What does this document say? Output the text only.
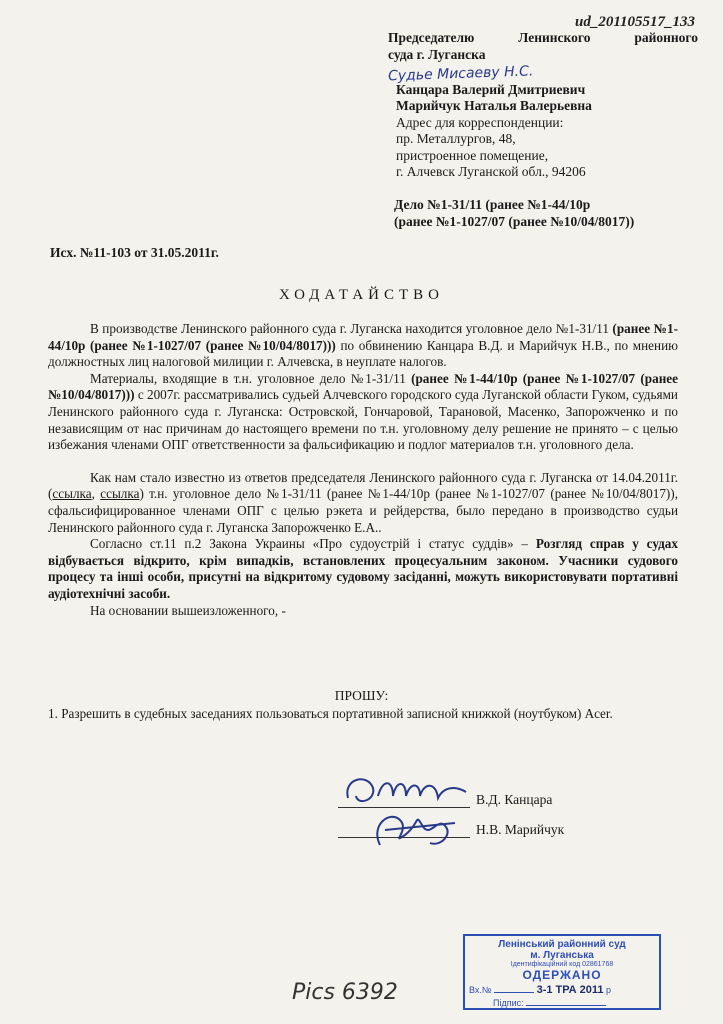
ud_201105517_133
Председателю	Ленинского	районного
суда г. Луганска
Судье Мисаеву Н.С.
Канцара Валерий Дмитриевич
Марийчук Наталья Валерьевна
Адрес для корреспонденции:
пр. Металлургов, 48,
пристроенное помещение,
г. Алчевск Луганской обл., 94206
Дело №1-31/11 (ранее №1-44/10р
(ранее №1-1027/07 (ранее №10/04/8017))
Исх. №11-103 от 31.05.2011г.
ХОДАТАЙСТВО

В производстве Ленинского районного суда г. Луганска находится уголовное дело №1-31/11 (ранее №1-44/10р (ранее №1-1027/07 (ранее №10/04/8017))) по обвинению Канцара В.Д. и Марийчук Н.В., по мнению должностных лиц налоговой милиции г. Алчевска, в неуплате налогов.

Материалы, входящие в т.н. уголовное дело №1-31/11 (ранее №1-44/10р (ранее №1-1027/07 (ранее №10/04/8017))) с 2007г. рассматривались судьей Алчевского городского суда Луганской области Гуком, судьями Ленинского районного суда г. Луганска: Островской, Гончаровой, Тарановой, Масенко, Запорожченко и по независящим от нас причинам до настоящего времени по т.н. уголовному делу решение не принято – с целью избежания членами ОПГ ответственности за фальсификацию и подлог материалов т.н. уголовного дела.

Как нам стало известно из ответов председателя Ленинского районного суда г. Луганска от 14.04.2011г. (ссылка, ссылка) т.н. уголовное дело №1-31/11 (ранее №1-44/10р (ранее №1-1027/07 (ранее №10/04/8017)), сфальсифицированное членами ОПГ с целью рэкета и рейдерства, было передано в производство судьи Ленинского районного суда г. Луганска Запорожченко Е.А..

Согласно ст.11 п.2 Закона Украины «Про судоустрій і статус суддів» – Розгляд справ у судах відбувається відкрито, крім випадків, встановлених процесуальним законом. Учасники судового процесу та інші особи, присутні на відкритому судовому засіданні, можуть використовувати портативні аудіотехнічні засоби.

На основании вышеизложенного, -

ПРОШУ:
1. Разрешить в судебных заседаниях пользоваться портативной записной книжкой (ноутбуком) Acer.
В.Д. Канцара
Н.В. Марийчук
Pics 6392
Ленінський районний суд
м. Луганська
Ідентифікаційний код 02861768
ОДЕРЖАНО
Вх.№	3-1 ТРА 2011 р
Підпис:
